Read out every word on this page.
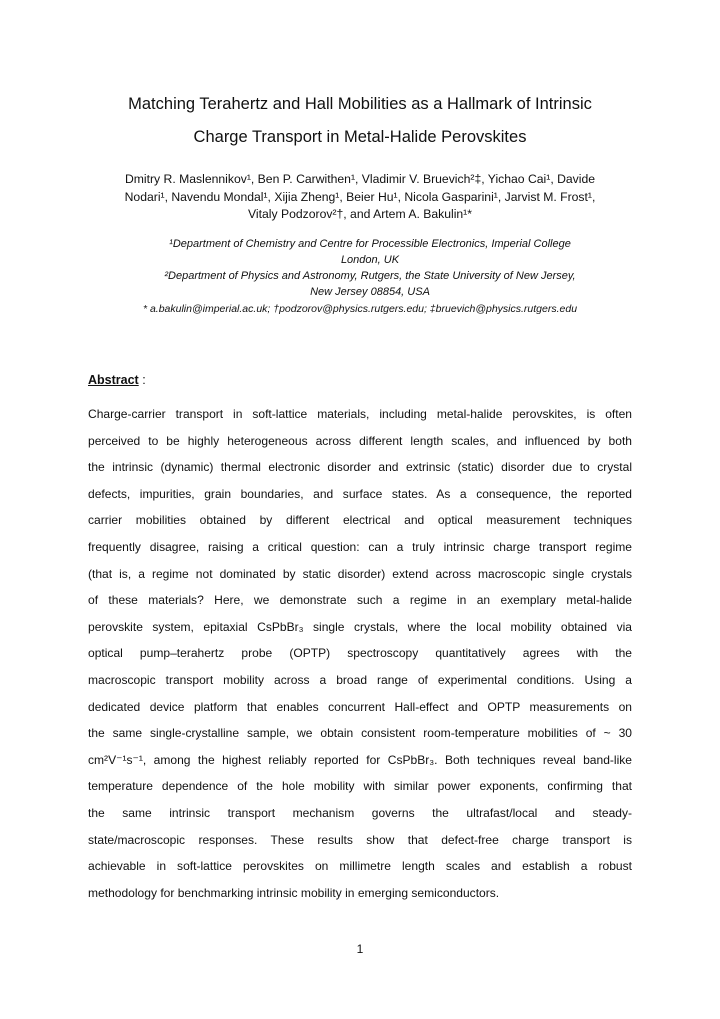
Matching Terahertz and Hall Mobilities as a Hallmark of Intrinsic
Charge Transport in Metal-Halide Perovskites
Dmitry R. Maslennikov¹, Ben P. Carwithen¹, Vladimir V. Bruevich²‡, Yichao Cai¹, Davide
Nodari¹, Navendu Mondal¹, Xijia Zheng¹, Beier Hu¹, Nicola Gasparini¹, Jarvist M. Frost¹,
Vitaly Podzorov²†, and Artem A. Bakulin¹*
¹Department of Chemistry and Centre for Processible Electronics, Imperial College
London, UK
²Department of Physics and Astronomy, Rutgers, the State University of New Jersey,
New Jersey 08854, USA
* a.bakulin@imperial.ac.uk; †podzorov@physics.rutgers.edu; ‡bruevich@physics.rutgers.edu
Abstract :
Charge-carrier transport in soft-lattice materials, including metal-halide perovskites, is often
perceived to be highly heterogeneous across different length scales, and influenced by both
the intrinsic (dynamic) thermal electronic disorder and extrinsic (static) disorder due to crystal
defects, impurities, grain boundaries, and surface states. As a consequence, the reported
carrier mobilities obtained by different electrical and optical measurement techniques
frequently disagree, raising a critical question: can a truly intrinsic charge transport regime
(that is, a regime not dominated by static disorder) extend across macroscopic single crystals
of these materials? Here, we demonstrate such a regime in an exemplary metal-halide
perovskite system, epitaxial CsPbBr₃ single crystals, where the local mobility obtained via
optical pump–terahertz probe (OPTP) spectroscopy quantitatively agrees with the
macroscopic transport mobility across a broad range of experimental conditions. Using a
dedicated device platform that enables concurrent Hall-effect and OPTP measurements on
the same single-crystalline sample, we obtain consistent room-temperature mobilities of ~ 30
cm²V⁻¹s⁻¹, among the highest reliably reported for CsPbBr₃. Both techniques reveal band-like
temperature dependence of the hole mobility with similar power exponents, confirming that
the same intrinsic transport mechanism governs the ultrafast/local and steady-
state/macroscopic responses. These results show that defect-free charge transport is
achievable in soft-lattice perovskites on millimetre length scales and establish a robust
methodology for benchmarking intrinsic mobility in emerging semiconductors.
1
